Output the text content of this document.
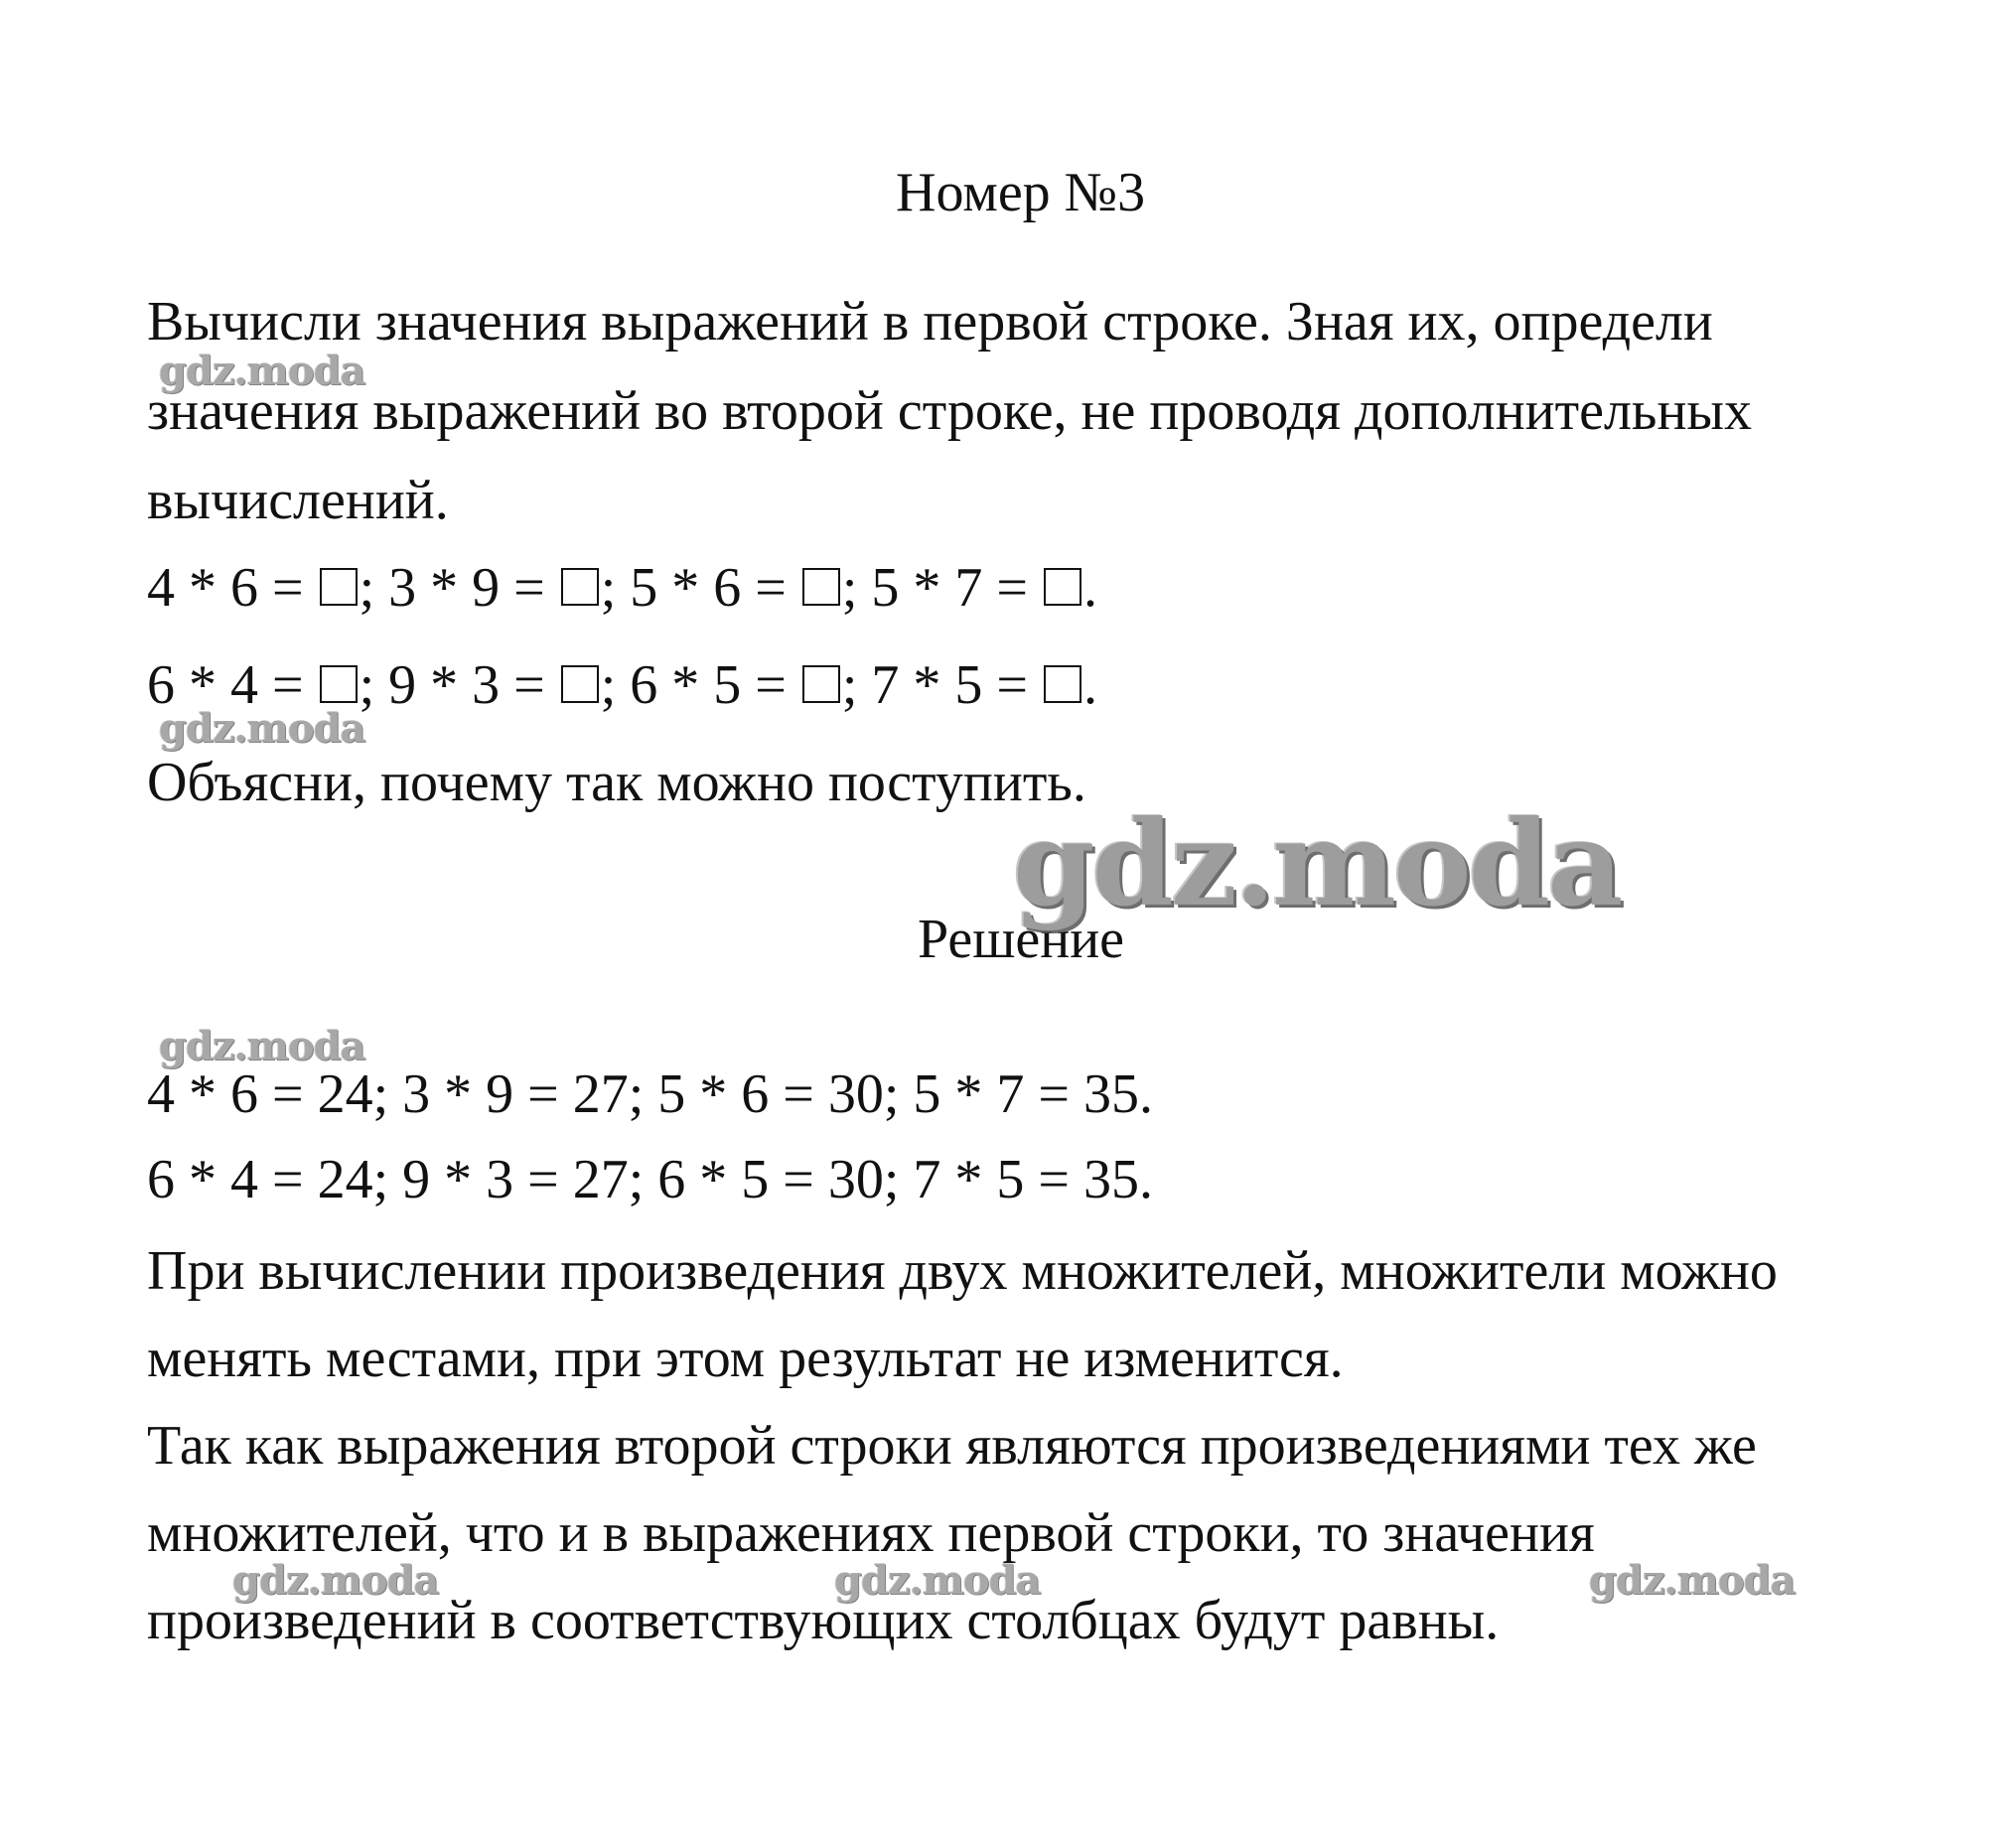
Номер №3
Вычисли значения выражений в первой строке. Зная их, определи
значения выражений во второй строке, не проводя дополнительных
вычислений.
4 * 6 = ; 3 * 9 = ; 5 * 6 = ; 5 * 7 = .
6 * 4 = ; 9 * 3 = ; 6 * 5 = ; 7 * 5 = .
Объясни, почему так можно поступить.
Решение
4 * 6 = 24; 3 * 9 = 27; 5 * 6 = 30; 5 * 7 = 35.
6 * 4 = 24; 9 * 3 = 27; 6 * 5 = 30; 7 * 5 = 35.
При вычислении произведения двух множителей, множители можно
менять местами, при этом результат не изменится.
Так как выражения второй строки являются произведениями тех же
множителей, что и в выражениях первой строки, то значения
произведений в соответствующих столбцах будут равны.
gdz.moda
gdz.moda
gdz.moda
gdz.moda
gdz.moda	gdz.moda	gdz.moda
